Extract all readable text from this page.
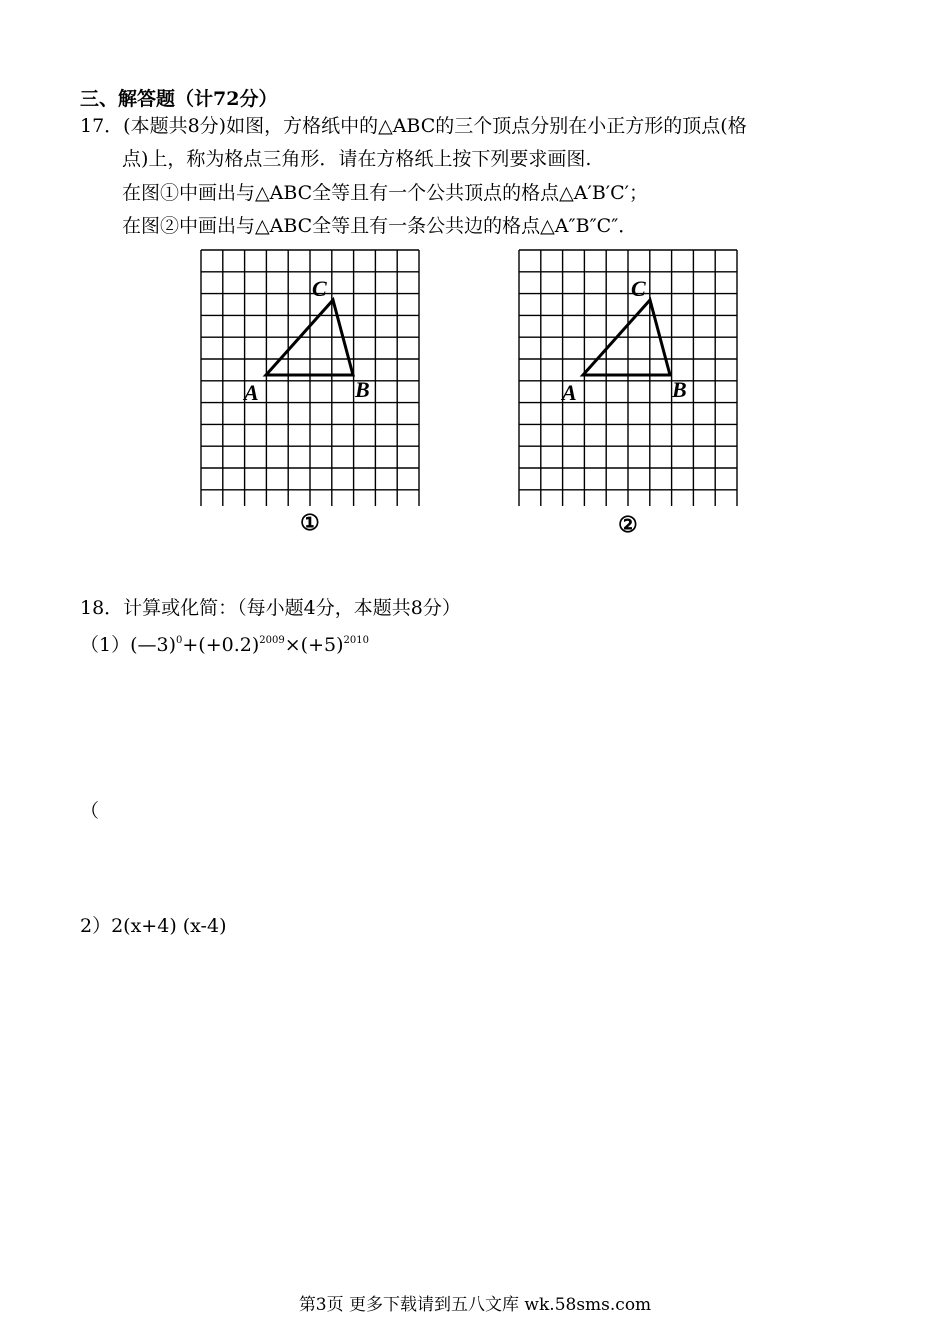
三、解答题（计72分）
17．(本题共8分)如图，方格纸中的△ABC的三个顶点分别在小正方形的顶点(格
点)上，称为格点三角形．请在方格纸上按下列要求画图.
在图①中画出与△ABC全等且有一个公共顶点的格点△A′B′C′；
在图②中画出与△ABC全等且有一条公共边的格点△A″B″C″．
A	B
C
①
A	B
C
②
18．计算或化简：（每小题4分，本题共8分）
$(1)(—3)^0+(+0.2)^{2009}\times(+5)^{2010}$
（
2）2(x+4) (x-4)
第3页 更多下载请到五八文库 wk.58sms.com
